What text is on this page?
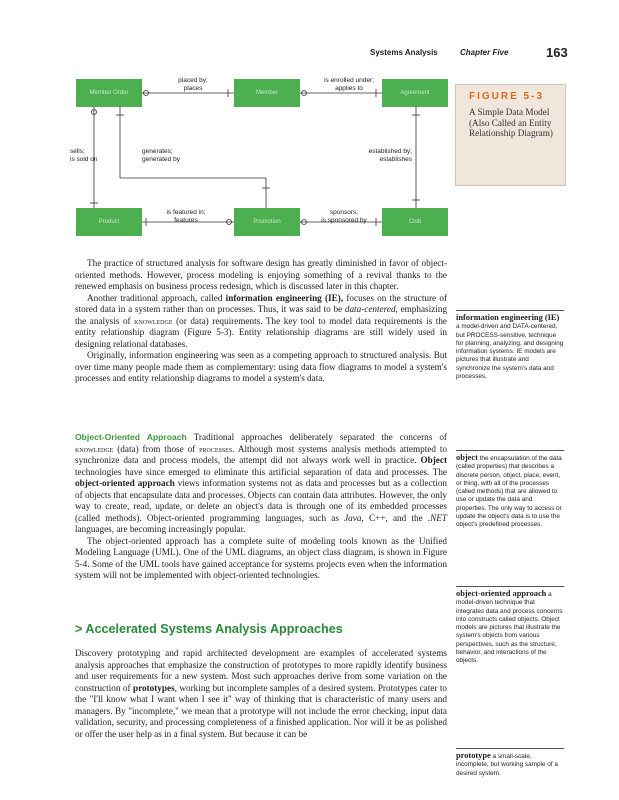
Systems Analysis	Chapter Five	163
Member Order	Member	Agreement
Product	Promotion	Club
placed by;
places
is enrolled under;
applies to
sells;
is sold on
generates;
generated by
established by;
establishes
is featured in;
features
sponsors;
is sponsored by
FIGURE 5-3
A Simple Data Model (Also Called an Entity Relationship Diagram)

The practice of structured analysis for software design has greatly diminished in favor of object-oriented methods. However, process modeling is enjoying something of a revival thanks to the renewed emphasis on business process redesign, which is discussed later in this chapter.

Another traditional approach, called information engineering (IE), focuses on the structure of stored data in a system rather than on processes. Thus, it was said to be data-centered, emphasizing the analysis of knowledge (or data) requirements. The key tool to model data requirements is the entity relationship diagram (Figure 5-3). Entity relationship diagrams are still widely used in designing relational databases.

Originally, information engineering was seen as a competing approach to structured analysis. But over time many people made them as complementary: using data flow diagrams to model a system's processes and entity relationship diagrams to model a system's data.

Object-Oriented Approach Traditional approaches deliberately separated the concerns of knowledge (data) from those of processes. Although most systems analysis methods attempted to synchronize data and process models, the attempt did not always work well in practice. Object technologies have since emerged to eliminate this artificial separation of data and processes. The object-oriented approach views information systems not as data and processes but as a collection of objects that encapsulate data and processes. Objects can contain data attributes. However, the only way to create, read, update, or delete an object's data is through one of its embedded processes (called methods). Object-oriented programming languages, such as Java, C++, and the .NET languages, are becoming increasingly popular.

The object-oriented approach has a complete suite of modeling tools known as the Unified Modeling Language (UML). One of the UML diagrams, an object class diagram, is shown in Figure 5-4. Some of the UML tools have gained acceptance for systems projects even when the information system will not be implemented with object-oriented technologies.

> Accelerated Systems Analysis Approaches

Discovery prototyping and rapid architected development are examples of accelerated systems analysis approaches that emphasize the construction of prototypes to more rapidly identify business and user requirements for a new system. Most such approaches derive from some variation on the construction of prototypes, working but incomplete samples of a desired system. Prototypes cater to the "I'll know what I want when I see it" way of thinking that is characteristic of many users and managers. By "incomplete," we mean that a prototype will not include the error checking, input data validation, security, and processing completeness of a finished application. Nor will it be as polished or offer the user help as in a final system. But because it can be

information engineering (IE) a model-driven and DATA-centered, but PROCESS-sensitive, technique for planning, analyzing, and designing information systems. IE models are pictures that illustrate and synchronize the system's data and processes.
object the encapsulation of the data (called properties) that describes a discrete person, object, place, event, or thing, with all of the processes (called methods) that are allowed to use or update the data and properties. The only way to access or update the object's data is to use the object's predefined processes.
object-oriented approach a model-driven technique that integrates data and process concerns into constructs called objects. Object models are pictures that illustrate the system's objects from various perspectives, such as the structure, behavior, and interactions of the objects.
prototype a small-scale, incomplete, but working sample of a desired system.
